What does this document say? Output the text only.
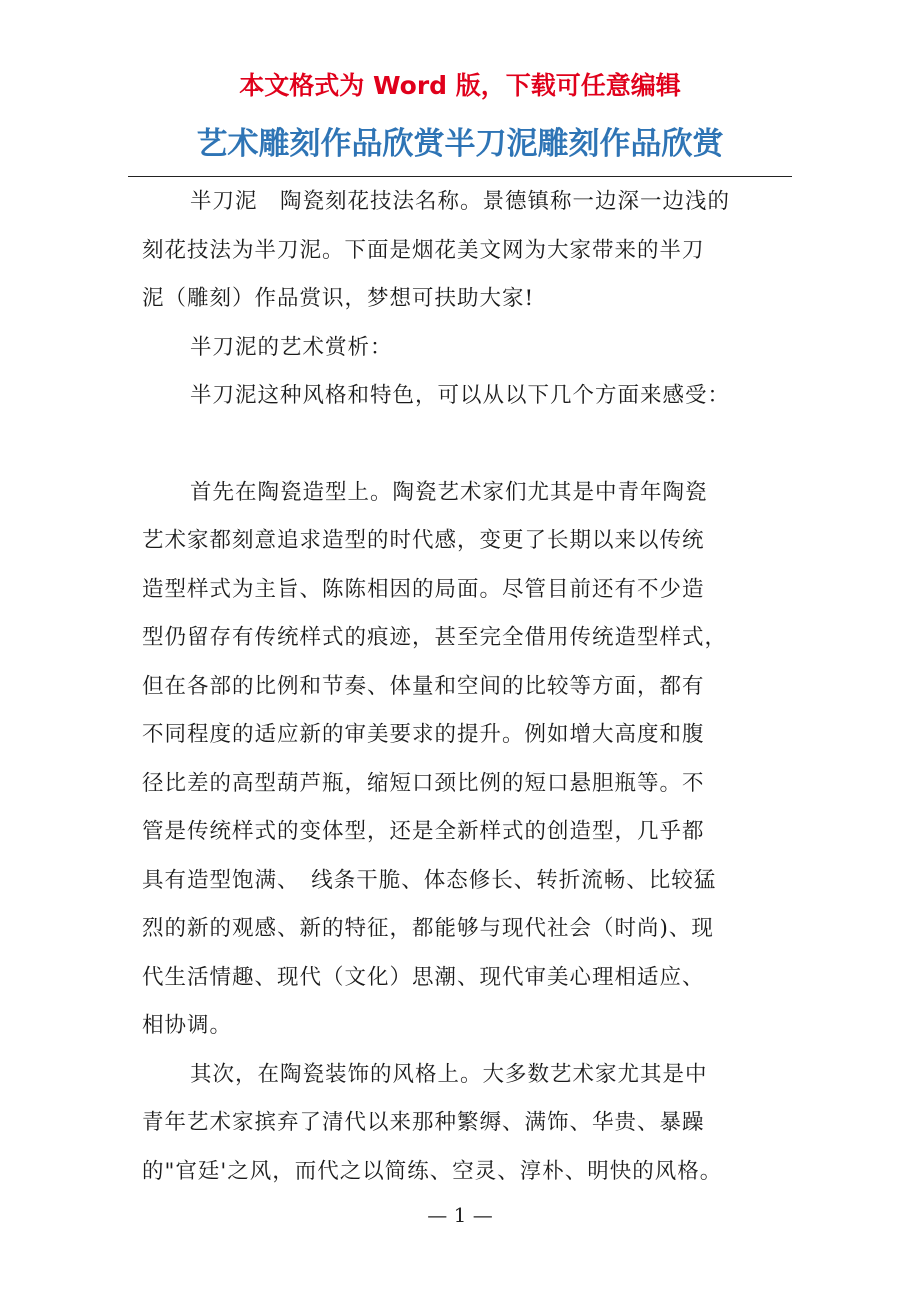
本文格式为 Word 版，下载可任意编辑
艺术雕刻作品欣赏半刀泥雕刻作品欣赏

半刀泥　陶瓷刻花技法名称。景德镇称一边深一边浅的

刻花技法为半刀泥。下面是烟花美文网为大家带来的半刀

泥（雕刻）作品赏识，梦想可扶助大家!

半刀泥的艺术赏析：

半刀泥这种风格和特色，可以从以下几个方面来感受：

首先在陶瓷造型上。陶瓷艺术家们尤其是中青年陶瓷

艺术家都刻意追求造型的时代感，变更了长期以来以传统

造型样式为主旨、陈陈相因的局面。尽管目前还有不少造

型仍留存有传统样式的痕迹，甚至完全借用传统造型样式，

但在各部的比例和节奏、体量和空间的比较等方面，都有

不同程度的适应新的审美要求的提升。例如增大高度和腹

径比差的高型葫芦瓶，缩短口颈比例的短口悬胆瓶等。不

管是传统样式的变体型，还是全新样式的创造型，几乎都

具有造型饱满、　线条干脆、体态修长、转折流畅、比较猛

烈的新的观感、新的特征，都能够与现代社会（时尚)、现

代生活情趣、现代（文化）思潮、现代审美心理相适应、

相协调。

其次，在陶瓷装饰的风格上。大多数艺术家尤其是中

青年艺术家摈弃了清代以来那种繁缛、满饰、华贵、暴躁

的"官廷'之风，而代之以简练、空灵、淳朴、明快的风格。

— 1 —
